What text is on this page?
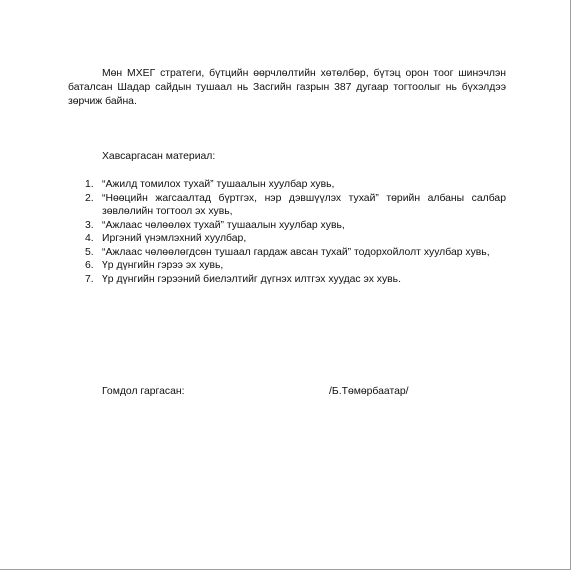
Мөн МХЕГ стратеги, бүтцийн өөрчлөлтийн хөтөлбөр, бүтэц орон тоог шинэчлэн баталсан Шадар сайдын тушаал нь Засгийн газрын 387 дугаар тогтоолыг нь бүхэлдээ зөрчиж байна.

Хавсаргасан материал:

1. “Ажилд томилох тухай” тушаалын хуулбар хувь,
2. “Нөөцийн жагсаалтад бүртгэх, нэр дэвшүүлэх тухай” төрийн албаны салбар зөвлөлийн тогтоол эх хувь,
3. “Ажлаас чөлөөлөх тухай” тушаалын хуулбар хувь,
4. Иргэний үнэмлэхний хуулбар,
5. “Ажлаас чөлөөлөгдсөн тушаал гардаж авсан тухай” тодорхойлолт хуулбар хувь,
6. Үр дүнгийн гэрээ эх хувь,
7. Үр дүнгийн гэрээний биелэлтийг дүгнэх илтгэх хуудас эх хувь.

Гомдол гаргасан:	/Б.Төмөрбаатар/
